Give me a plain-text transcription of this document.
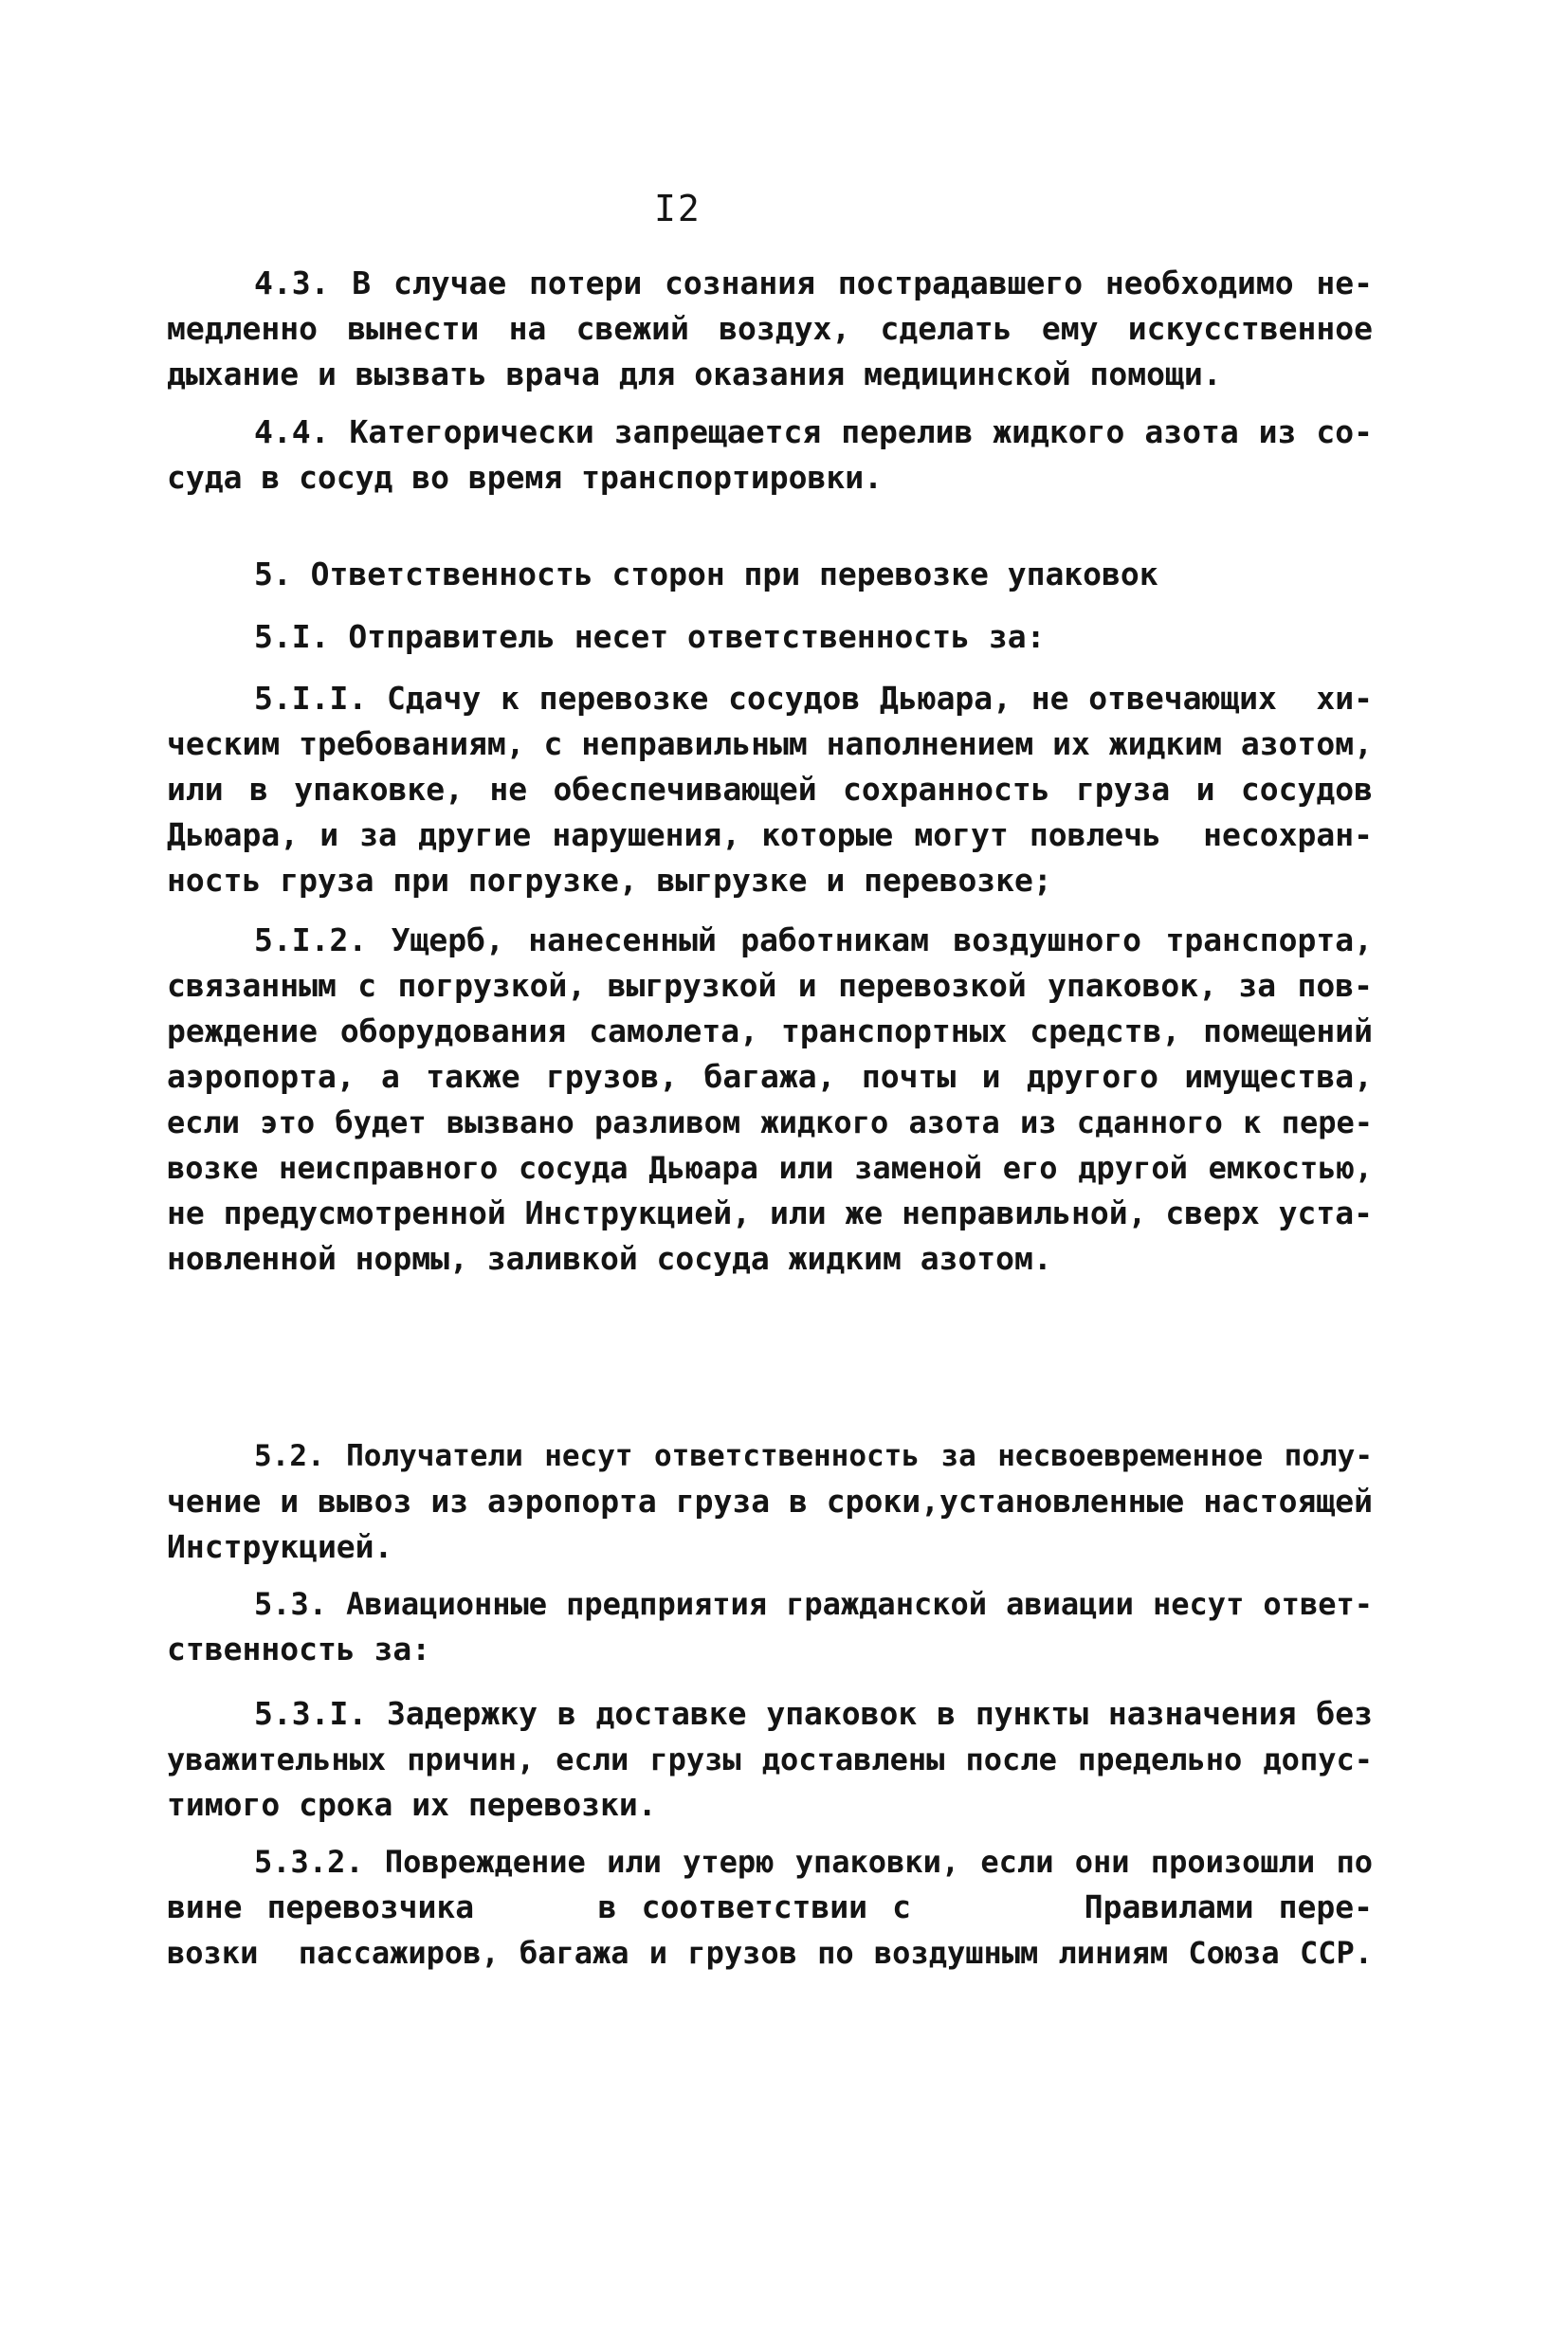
I2
4.3. В случае потери сознания пострадавшего необходимо не-
медленно вынести на свежий воздух, сделать ему искусственное
дыхание и вызвать врача для оказания медицинской помощи.
4.4. Категорически запрещается перелив жидкого азота из со-
суда в сосуд во время транспортировки.
5. Ответственность сторон при перевозке упаковок
5.I. Отправитель несет ответственность за:
5.I.I. Сдачу к перевозке сосудов Дьюара, не отвечающих  хи-
ческим требованиям, с неправильным наполнением их жидким азотом,
или в упаковке, не обеспечивающей сохранность груза и сосудов
Дьюара, и за другие нарушения, которые могут повлечь  несохран-
ность груза при погрузке, выгрузке и перевозке;
5.I.2. Ущерб, нанесенный работникам воздушного транспорта,
связанным с погрузкой, выгрузкой и перевозкой упаковок, за пов-
реждение оборудования самолета, транспортных средств, помещений
аэропорта, а также грузов, багажа, почты и другого имущества,
если это будет вызвано разливом жидкого азота из сданного к пере-
возке неисправного сосуда Дьюара или заменой его другой емкостью,
не предусмотренной Инструкцией, или же неправильной, сверх уста-
новленной нормы, заливкой сосуда жидким азотом.
5.2. Получатели несут ответственность за несвоевременное полу-
чение и вывоз из аэропорта груза в сроки,установленные настоящей
Инструкцией.
5.3. Авиационные предприятия гражданской авиации несут ответ-
ственность за:
5.3.I. Задержку в доставке упаковок в пункты назначения без
уважительных причин, если грузы доставлены после предельно допус-
тимого срока их перевозки.
5.3.2. Повреждение или утерю упаковки, если они произошли по
вине перевозчика     в соответствии с       Правилами пере-
возки  пассажиров, багажа и грузов по воздушным линиям Союза ССР.
